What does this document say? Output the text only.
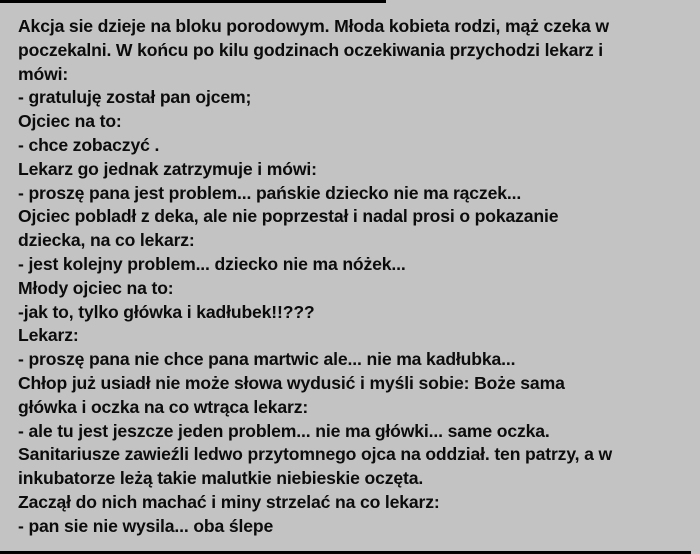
Akcja sie dzieje na bloku porodowym. Młoda kobieta rodzi, mąż czeka w
poczekalni. W końcu po kilu godzinach oczekiwania przychodzi lekarz i
mówi:
- gratuluję został pan ojcem;
Ojciec na to:
- chce zobaczyć .
Lekarz go jednak zatrzymuje i mówi:
- proszę pana jest problem... pańskie dziecko nie ma rączek...
Ojciec pobladł z deka, ale nie poprzestał i nadal prosi o pokazanie
dziecka, na co lekarz:
- jest kolejny problem... dziecko nie ma nóżek...
Młody ojciec na to:
-jak to, tylko główka i kadłubek!!???
Lekarz:
- proszę pana nie chce pana martwic ale... nie ma kadłubka...
Chłop już usiadł nie może słowa wydusić i myśli sobie: Boże sama
główka i oczka na co wtrąca lekarz:
- ale tu jest jeszcze jeden problem... nie ma główki... same oczka.
Sanitariusze zawieźli ledwo przytomnego ojca na oddział. ten patrzy, a w
inkubatorze leżą takie malutkie niebieskie oczęta.
Zaczął do nich machać i miny strzelać na co lekarz:
- pan sie nie wysila... oba ślepe
